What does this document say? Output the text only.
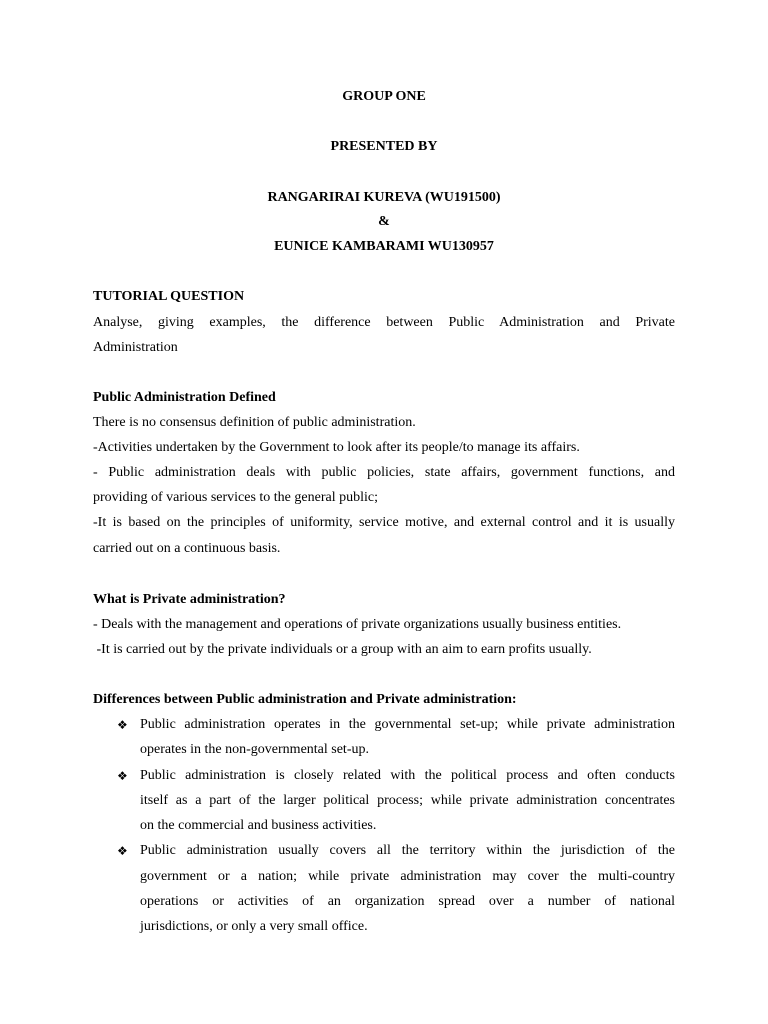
GROUP ONE
PRESENTED BY
RANGARIRAI KUREVA (WU191500)
&
EUNICE KAMBARAMI WU130957
TUTORIAL QUESTION
Analyse, giving examples, the difference between Public Administration and Private
Administration
Public Administration Defined
There is no consensus definition of public administration.
-Activities undertaken by the Government to look after its people/to manage its affairs.
- Public administration deals with public policies, state affairs, government functions, and
providing of various services to the general public;
-It is based on the principles of uniformity, service motive, and external control and it is usually
carried out on a continuous basis.
What is Private administration?
- Deals with the management and operations of private organizations usually business entities.
-It is carried out by the private individuals or a group with an aim to earn profits usually.
Differences between Public administration and Private administration:
❖ Public administration operates in the governmental set-up; while private administration
operates in the non-governmental set-up.
❖ Public administration is closely related with the political process and often conducts
itself as a part of the larger political process; while private administration concentrates
on the commercial and business activities.
❖ Public administration usually covers all the territory within the jurisdiction of the
government or a nation; while private administration may cover the multi-country
operations or activities of an organization spread over a number of national
jurisdictions, or only a very small office.
